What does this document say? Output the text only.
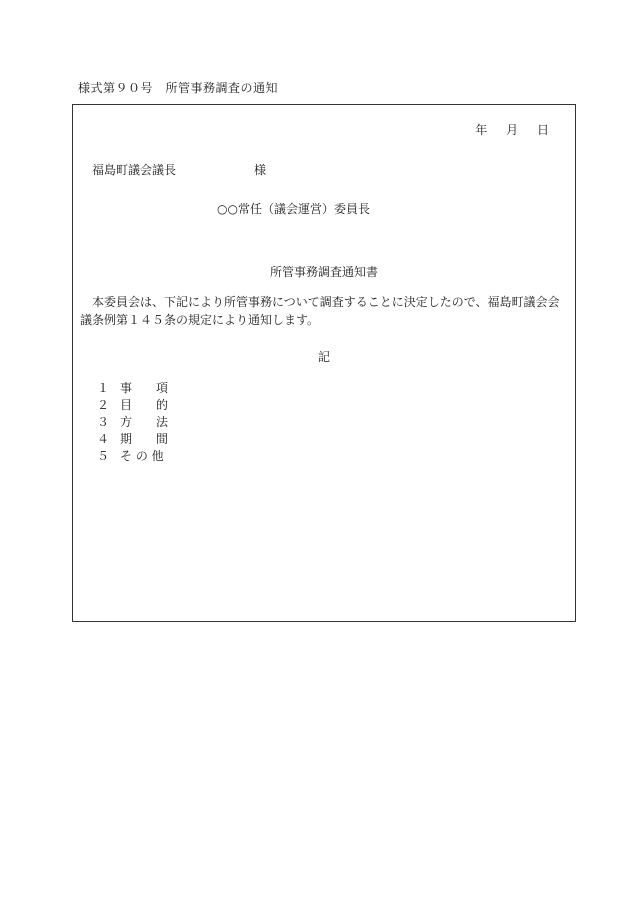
様式第９０号　所管事務調査の通知
年 月 日
福島町議会議長	様
○○常任（議会運営）委員長
所管事務調査通知書
本委員会は、下記により所管事務について調査することに決定したので、福島町議会会議条例第１４５条の規定により通知します。
記
１ 事　　項
２ 目　　的
３ 方　　法
４ 期　　間
５ そ の 他
